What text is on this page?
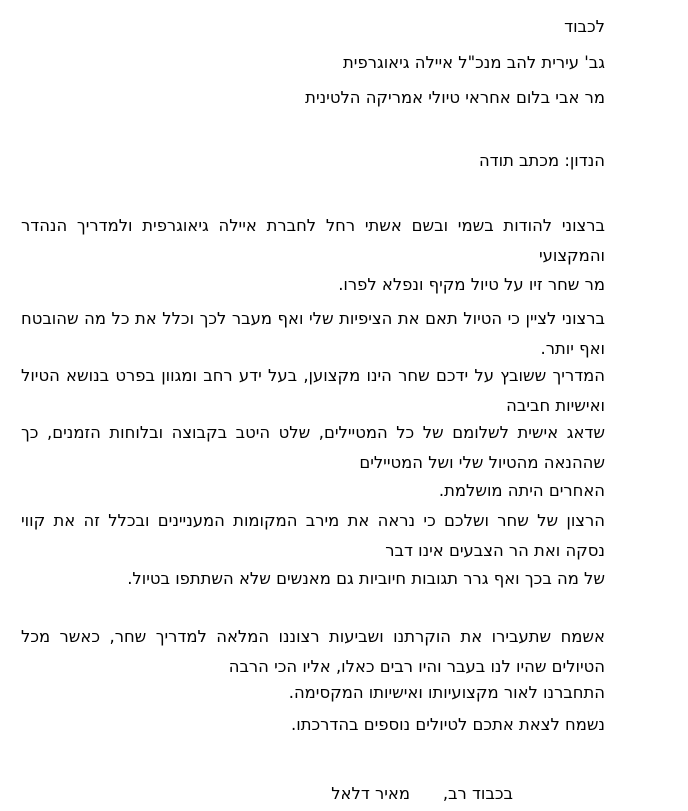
לכבוד

גב' עירית להב מנכ"ל איילה גיאוגרפית

מר אבי בלום אחראי טיולי אמריקה הלטינית

הנדון: מכתב תודה

ברצוני להודות בשמי ובשם אשתי רחל לחברת איילה גיאוגרפית ולמדריך הנהדר והמקצועי

מר שחר זיו על טיול מקיף ונפלא לפרו.

ברצוני לציין כי הטיול תאם את הציפיות שלי ואף מעבר לכך וכלל את כל מה שהובטח ואף יותר.

המדריך ששובץ על ידכם שחר הינו מקצוען, בעל ידע רחב ומגוון בפרט בנושא הטיול ואישיות חביבה

שדאג אישית לשלומם של כל המטיילים, שלט היטב בקבוצה ובלוחות הזמנים, כך שההנאה מהטיול שלי ושל המטיילים

האחרים היתה מושלמת.

הרצון של שחר ושלכם כי נראה את מירב המקומות המעניינים ובכלל זה את קווי נסקה ואת הר הצבעים אינו דבר

של מה בכך ואף גרר תגובות חיוביות גם מאנשים שלא השתתפו בטיול.

אשמח שתעבירו את הוקרתנו ושביעות רצוננו המלאה למדריך שחר, כאשר מכל הטיולים שהיו לנו בעבר והיו רבים כאלו, אליו הכי הרבה

התחברנו לאור מקצועיותו ואישיותו המקסימה.

נשמח לצאת אתכם לטיולים נוספים בהדרכתו.

בכבוד רב,

מאיר דלאל
